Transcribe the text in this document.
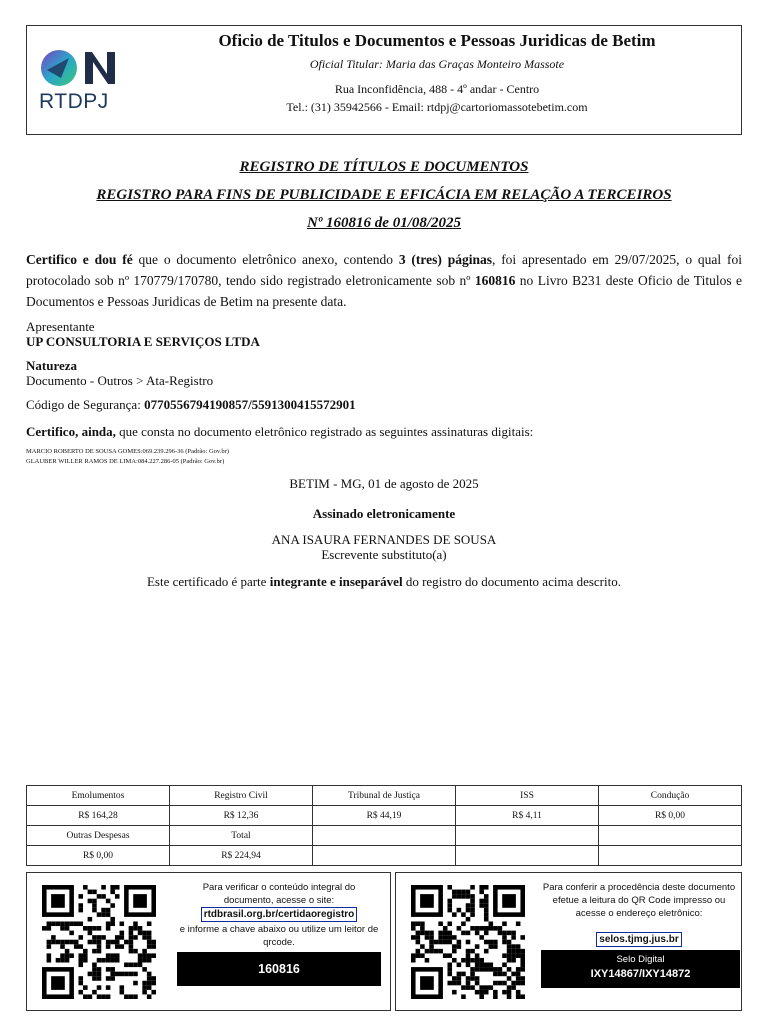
RTDPJ
Oficio de Titulos e Documentos e Pessoas Juridicas de Betim
Oficial Titular: Maria das Graças Monteiro Massote
Rua Inconfidência, 488 - 4º andar - Centro
Tel.: (31) 35942566 - Email: rtdpj@cartoriomassotebetim.com
REGISTRO DE TÍTULOS E DOCUMENTOS
REGISTRO PARA FINS DE PUBLICIDADE E EFICÁCIA EM RELAÇÃO A TERCEIROS
Nº 160816 de 01/08/2025
Certifico e dou fé que o documento eletrônico anexo, contendo 3 (tres) páginas, foi apresentado em 29/07/2025, o qual foi protocolado sob nº 170779/170780, tendo sido registrado eletronicamente sob nº 160816 no Livro B231 deste Oficio de Titulos e Documentos e Pessoas Juridicas de Betim na presente data.
Apresentante
UP CONSULTORIA E SERVIÇOS LTDA
Natureza
Documento - Outros > Ata-Registro
Código de Segurança: 0770556794190857/5591300415572901
Certifico, ainda, que consta no documento eletrônico registrado as seguintes assinaturas digitais:
MARCIO ROBERTO DE SOUSA GOMES:069.239.296-36 (Padrão: Gov.br)
GLAUBER WILLER RAMOS DE LIMA:084.227.286-05 (Padrão: Gov.br)
BETIM - MG, 01 de agosto de 2025
Assinado eletronicamente
ANA ISAURA FERNANDES DE SOUSA
Escrevente substituto(a)
Este certificado é parte integrante e inseparável do registro do documento acima descrito.
Emolumentos	Registro Civil	Tribunal de Justiça	ISS	Condução
R$ 164,28	R$ 12,36	R$ 44,19	R$ 4,11	R$ 0,00
Outras Despesas	Total			
R$ 0,00	R$ 224,94			
Para verificar o conteúdo integral do documento, acesse o site:
rtdbrasil.org.br/certidaoregistro
e informe a chave abaixo ou utilize um leitor de qrcode.
160816
Para conferir a procedência deste documento efetue a leitura do QR Code impresso ou acesse o endereço eletrônico:
selos.tjmg.jus.br
Selo Digital
IXY14867/IXY14872
